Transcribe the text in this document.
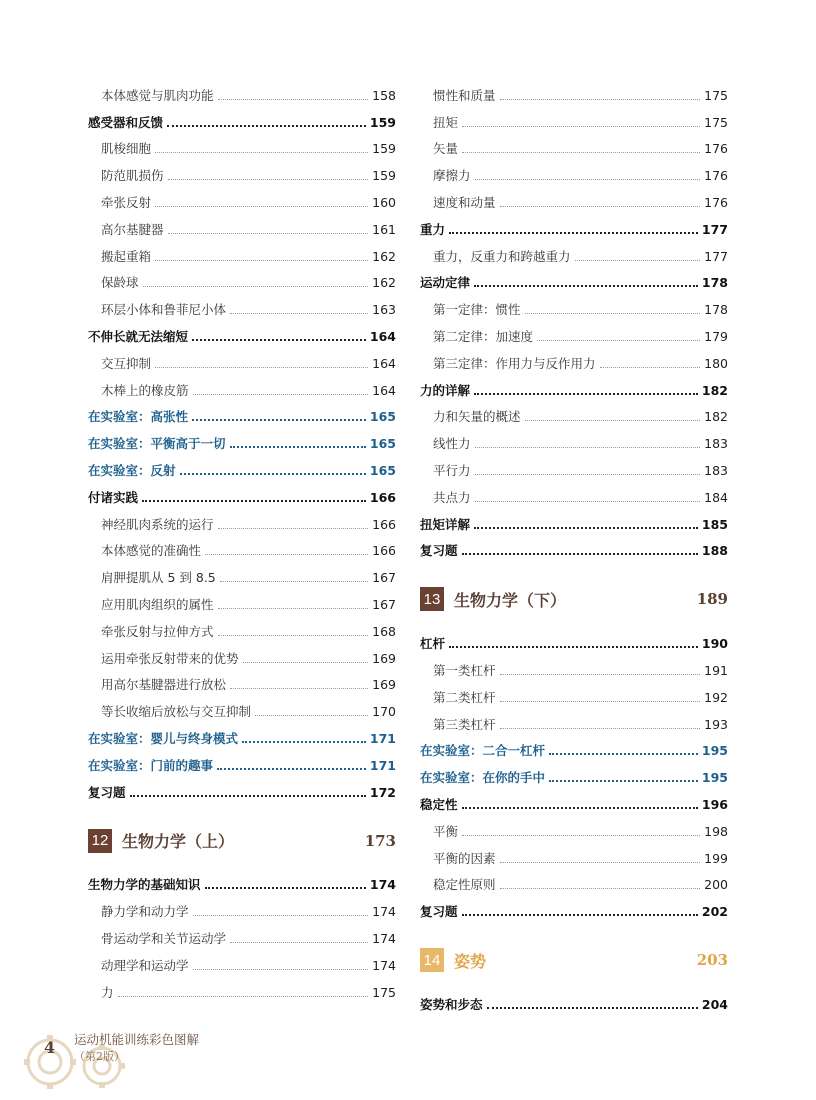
本体感觉与肌肉功能	158
感受器和反馈	159
肌梭细胞	159
防范肌损伤	159
牵张反射	160
高尔基腱器	161
搬起重箱	162
保龄球	162
环层小体和鲁菲尼小体	163
不伸长就无法缩短	164
交互抑制	164
木棒上的橡皮筋	164
在实验室：高张性	165
在实验室：平衡高于一切	165
在实验室：反射	165
付诸实践	166
神经肌肉系统的运行	166
本体感觉的准确性	166
肩胛提肌从 5 到 8.5	167
应用肌肉组织的属性	167
牵张反射与拉伸方式	168
运用牵张反射带来的优势	169
用高尔基腱器进行放松	169
等长收缩后放松与交互抑制	170
在实验室：婴儿与终身模式	171
在实验室：门前的趣事	171
复习题	172
12 生物力学（上）	173
生物力学的基础知识	174
静力学和动力学	174
骨运动学和关节运动学	174
动理学和运动学	174
力	175
惯性和质量	175
扭矩	175
矢量	176
摩擦力	176
速度和动量	176
重力	177
重力，反重力和跨越重力	177
运动定律	178
第一定律：惯性	178
第二定律：加速度	179
第三定律：作用力与反作用力	180
力的详解	182
力和矢量的概述	182
线性力	183
平行力	183
共点力	184
扭矩详解	185
复习题	188
13 生物力学（下）	189
杠杆	190
第一类杠杆	191
第二类杠杆	192
第三类杠杆	193
在实验室：二合一杠杆	195
在实验室：在你的手中	195
稳定性	196
平衡	198
平衡的因素	199
稳定性原则	200
复习题	202
14 姿势	203
姿势和步态	204
4 运动机能训练彩色图解
（第2版）
